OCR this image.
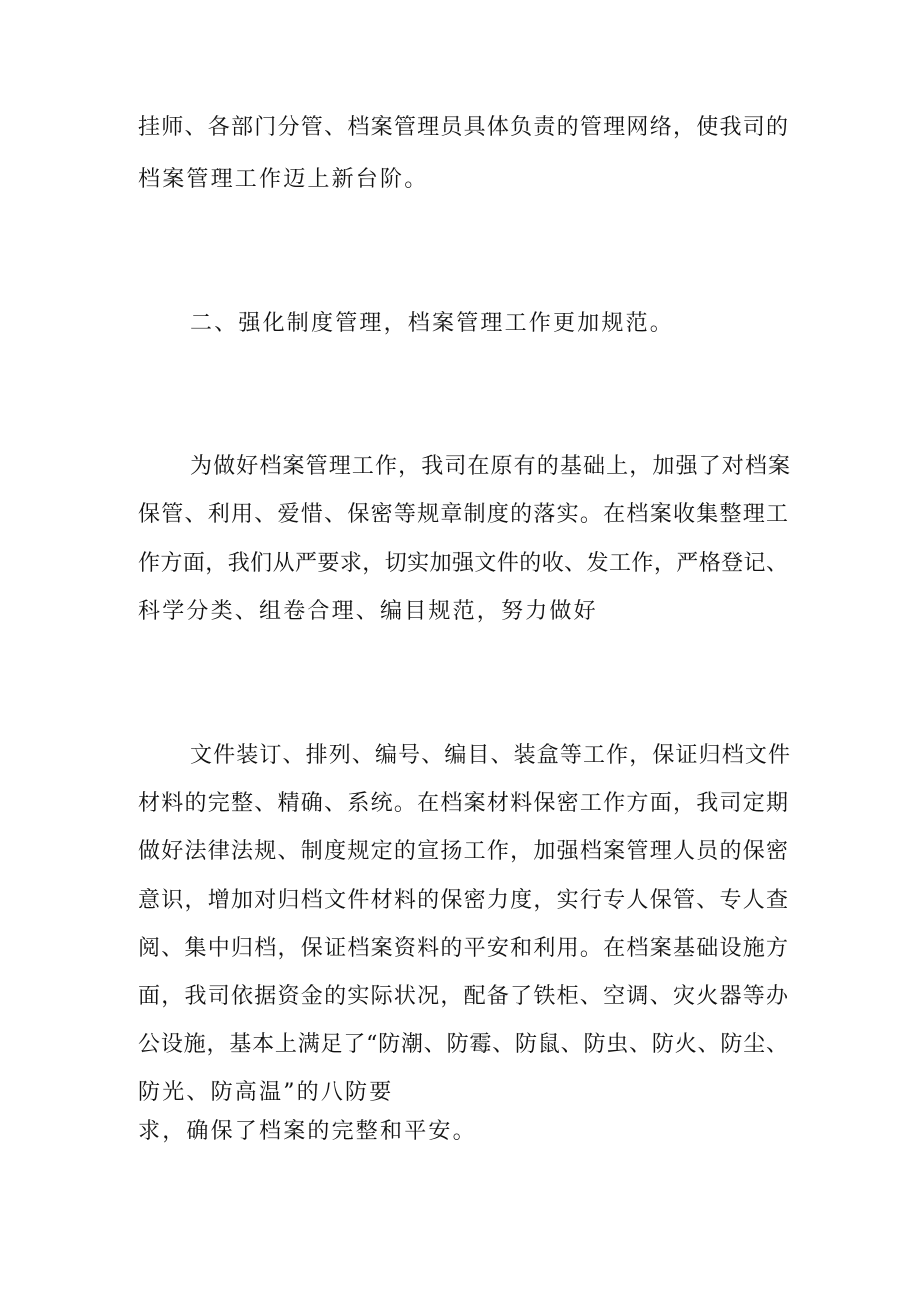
挂师、各部门分管、档案管理员具体负责的管理网络，使我司的

档案管理工作迈上新台阶。

二、强化制度管理，档案管理工作更加规范。

为做好档案管理工作，我司在原有的基础上，加强了对档案

保管、利用、爱惜、保密等规章制度的落实。在档案收集整理工

作方面，我们从严要求，切实加强文件的收、发工作，严格登记、

科学分类、组卷合理、编目规范，努力做好

文件装订、排列、编号、编目、装盒等工作，保证归档文件

材料的完整、精确、系统。在档案材料保密工作方面，我司定期

做好法律法规、制度规定的宣扬工作，加强档案管理人员的保密

意识，增加对归档文件材料的保密力度，实行专人保管、专人查

阅、集中归档，保证档案资料的平安和利用。在档案基础设施方

面，我司依据资金的实际状况，配备了铁柜、空调、灾火器等办

公设施，基本上满足了“防潮、防霉、防鼠、防虫、防火、防尘、

防光、防高温”的八防要

求，确保了档案的完整和平安。
